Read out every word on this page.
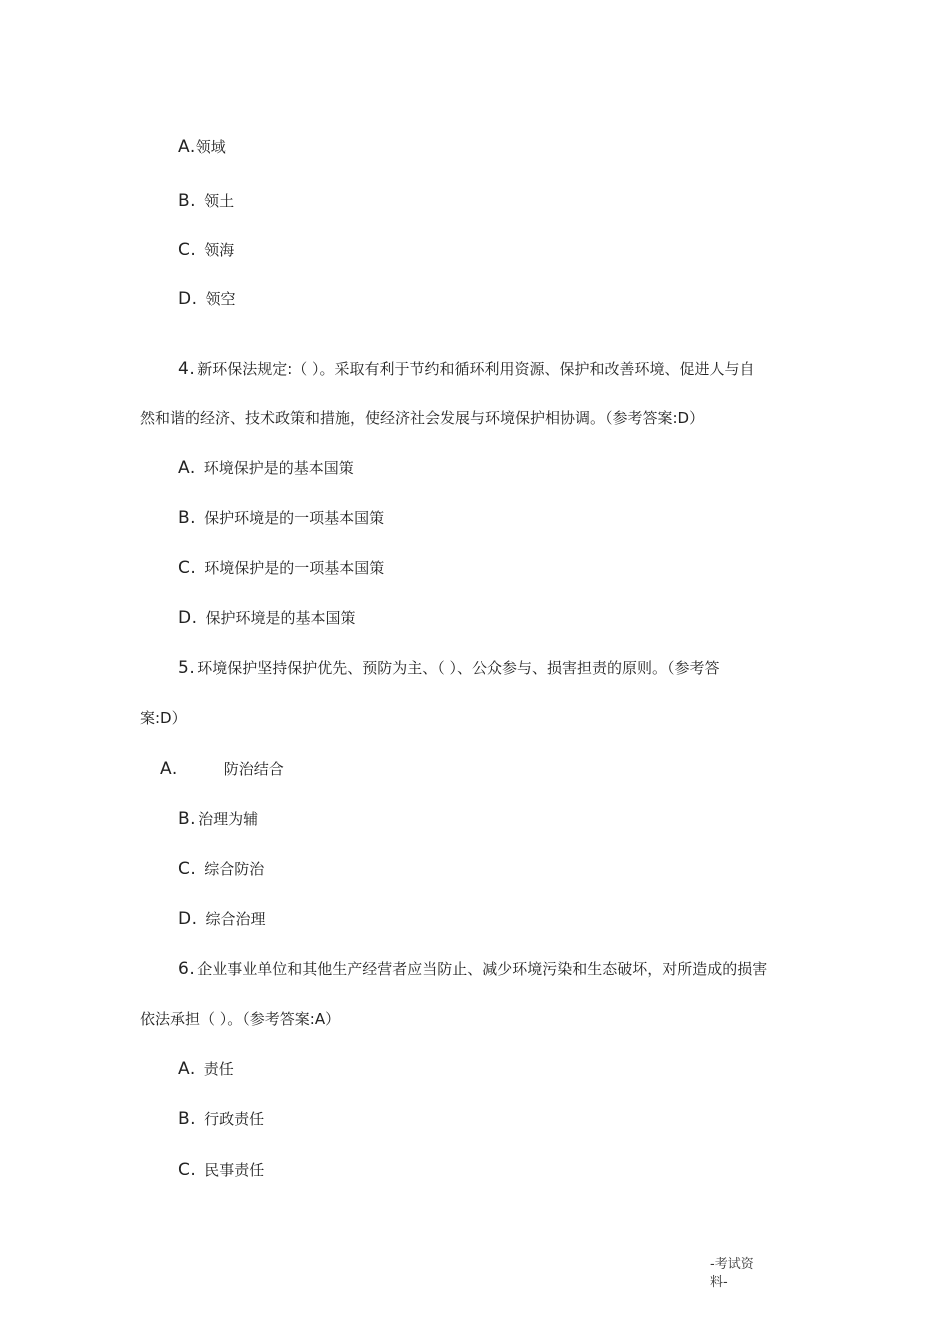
A.领域
B. 领土
C. 领海
D. 领空
4. 新环保法规定:（ ）。采取有利于节约和循环利用资源、保护和改善环境、促进人与自
然和谐的经济、技术政策和措施，使经济社会发展与环境保护相协调。（参考答案:D）
A. 环境保护是的基本国策
B. 保护环境是的一项基本国策
C. 环境保护是的一项基本国策
D. 保护环境是的基本国策
5. 环境保护坚持保护优先、预防为主、（ ）、公众参与、损害担责的原则。（参考答
案:D）
A.	防治结合
B. 治理为辅
C. 综合防治
D. 综合治理
6. 企业事业单位和其他生产经营者应当防止、减少环境污染和生态破坏，对所造成的损害
依法承担（ ）。（参考答案:A）
A. 责任
B. 行政责任
C. 民事责任
-考试资料-
